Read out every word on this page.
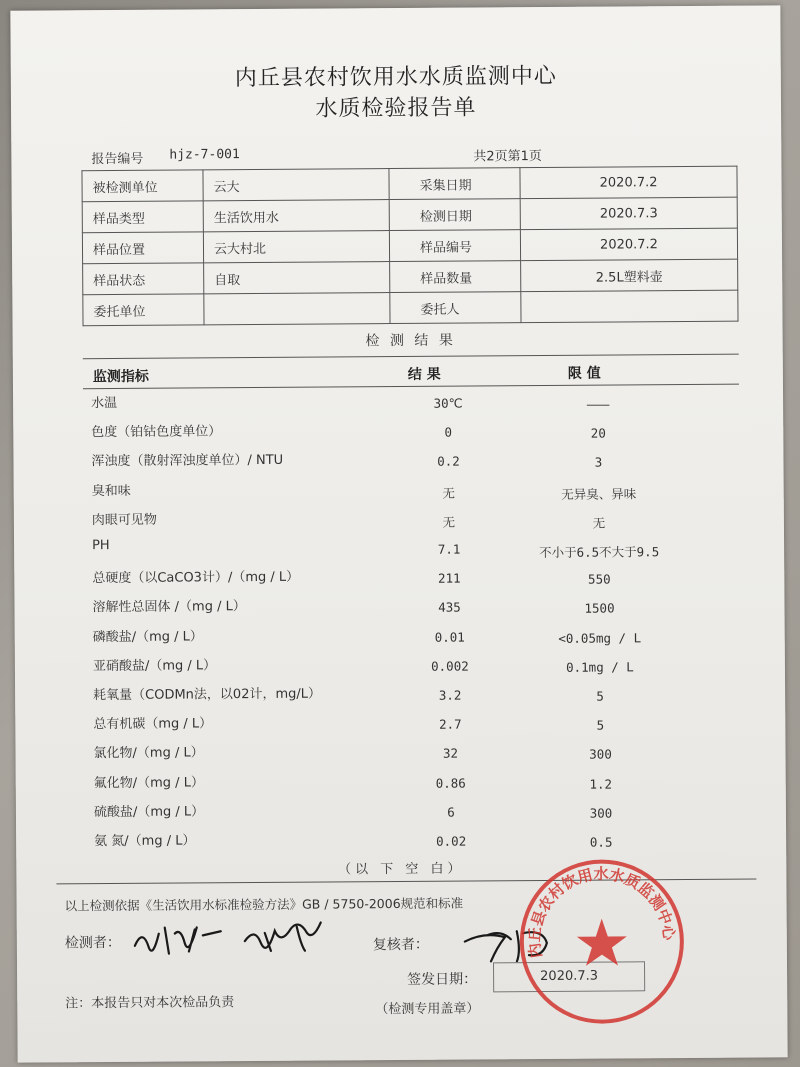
内丘县农村饮用水水质监测中心
水质检验报告单
报告编号 hjz-7-001	共2页第1页
被检测单位	云大	采集日期	2020.7.2
样品类型	生活饮用水	检测日期	2020.7.3
样品位置	云大村北	样品编号	2020.7.2
样品状态	自取	样品数量	2.5L塑料壶
委托单位		委托人	
检 测 结 果
监测指标	结 果	限 值
水温	30℃	———
色度（铂钴色度单位）	0	20
浑浊度（散射浑浊度单位）/ NTU	0.2	3
臭和味	无	无异臭、异味
肉眼可见物	无	无
PH	7.1	不小于6.5不大于9.5
总硬度（以CaCO3计）/（mg / L）	211	550
溶解性总固体 /（mg / L）	435	1500
磷酸盐/（mg / L）	0.01	<0.05mg / L
亚硝酸盐/（mg / L）	0.002	0.1mg / L
耗氧量（CODMn法，以02计，mg/L）	3.2	5
总有机碳（mg / L）	2.7	5
氯化物/（mg / L）	32	300
氟化物/（mg / L）	0.86	1.2
硫酸盐/（mg / L）	6	300
氨 氮/（mg / L）	0.02	0.5
（以 下 空 白）
以上检测依据《生活饮用水标准检验方法》GB / 5750-2006规范和标准
检测者：	复核者：
签发日期：	2020.7.3
注：本报告只对本次检品负责	（检测专用盖章）
内丘县农村饮用水水质监测中心
